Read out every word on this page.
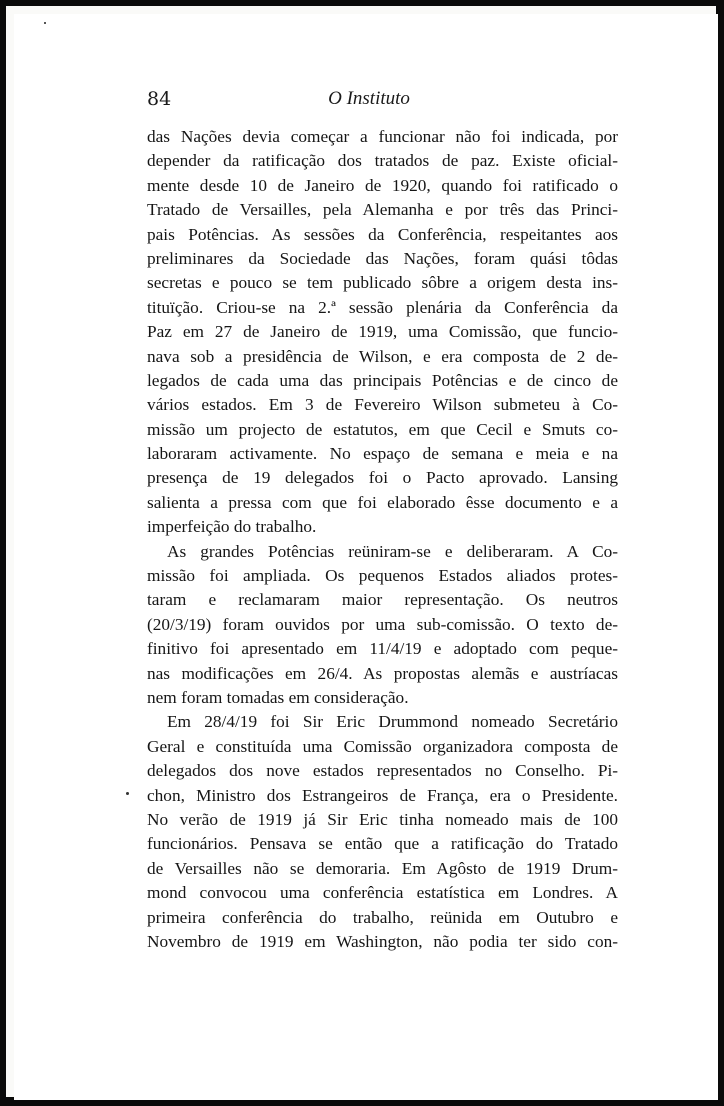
84	O Instituto
das Nações devia começar a funcionar não foi indicada, por
depender da ratificação dos tratados de paz. Existe oficial-
mente desde 10 de Janeiro de 1920, quando foi ratificado o
Tratado de Versailles, pela Alemanha e por três das Princi-
pais Potências. As sessões da Conferência, respeitantes aos
preliminares da Sociedade das Nações, foram quási tôdas
secretas e pouco se tem publicado sôbre a origem desta ins-
tituïção. Criou-se na 2.ª sessão plenária da Conferência da
Paz em 27 de Janeiro de 1919, uma Comissão, que funcio-
nava sob a presidência de Wilson, e era composta de 2 de-
legados de cada uma das principais Potências e de cinco de
vários estados. Em 3 de Fevereiro Wilson submeteu à Co-
missão um projecto de estatutos, em que Cecil e Smuts co-
laboraram activamente. No espaço de semana e meia e na
presença de 19 delegados foi o Pacto aprovado. Lansing
salienta a pressa com que foi elaborado êsse documento e a
imperfeição do trabalho.
As grandes Potências reüniram-se e deliberaram. A Co-
missão foi ampliada. Os pequenos Estados aliados protes-
taram e reclamaram maior representação. Os neutros
(20/3/19) foram ouvidos por uma sub-comissão. O texto de-
finitivo foi apresentado em 11/4/19 e adoptado com peque-
nas modificações em 26/4. As propostas alemãs e austríacas
nem foram tomadas em consideração.
Em 28/4/19 foi Sir Eric Drummond nomeado Secretário
Geral e constituída uma Comissão organizadora composta de
delegados dos nove estados representados no Conselho. Pi-
chon, Ministro dos Estrangeiros de França, era o Presidente.
No verão de 1919 já Sir Eric tinha nomeado mais de 100
funcionários. Pensava se então que a ratificação do Tratado
de Versailles não se demoraria. Em Agôsto de 1919 Drum-
mond convocou uma conferência estatística em Londres. A
primeira conferência do trabalho, reünida em Outubro e
Novembro de 1919 em Washington, não podia ter sido con-
